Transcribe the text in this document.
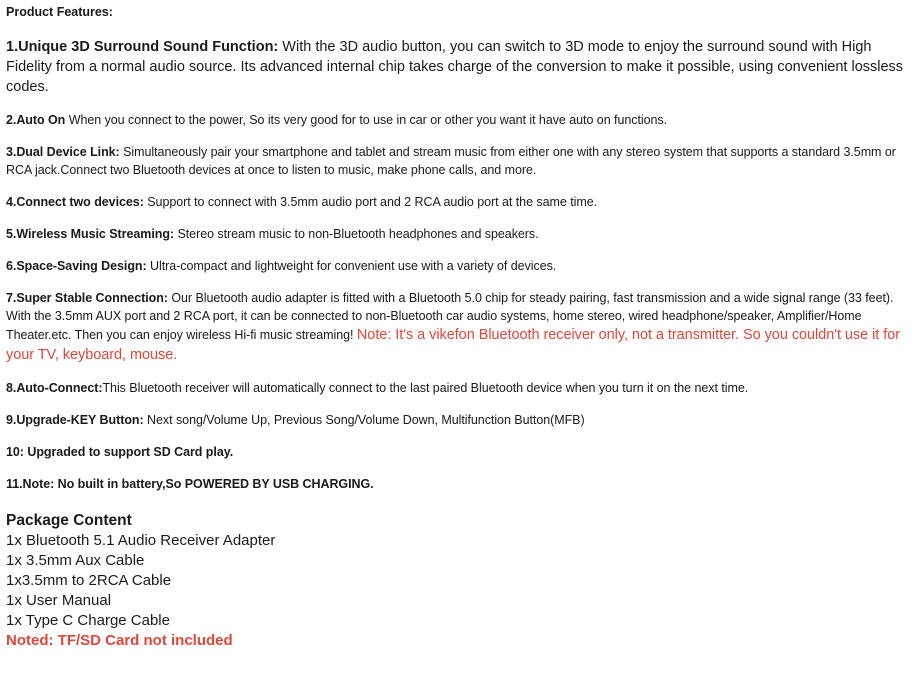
Product Features:

1.Unique 3D Surround Sound Function: With the 3D audio button, you can switch to 3D mode to enjoy the surround sound with High Fidelity from a normal audio source. Its advanced internal chip takes charge of the conversion to make it possible, using convenient lossless codes.

2.Auto On When you connect to the power, So its very good for to use in car or other you want it have auto on functions.

3.Dual Device Link: Simultaneously pair your smartphone and tablet and stream music from either one with any stereo system that supports a standard 3.5mm or RCA jack.Connect two Bluetooth devices at once to listen to music, make phone calls, and more.

4.Connect two devices: Support to connect with 3.5mm audio port and 2 RCA audio port at the same time.

5.Wireless Music Streaming: Stereo stream music to non-Bluetooth headphones and speakers.

6.Space-Saving Design: Ultra-compact and lightweight for convenient use with a variety of devices.

7.Super Stable Connection: Our Bluetooth audio adapter is fitted with a Bluetooth 5.0 chip for steady pairing, fast transmission and a wide signal range (33 feet). With the 3.5mm AUX port and 2 RCA port, it can be connected to non-Bluetooth car audio systems, home stereo, wired headphone/speaker, Amplifier/Home Theater.etc. Then you can enjoy wireless Hi-fi music streaming! Note: It's a vikefon Bluetooth receiver only, not a transmitter. So you couldn't use it for your TV, keyboard, mouse.

8.Auto-Connect:This Bluetooth receiver will automatically connect to the last paired Bluetooth device when you turn it on the next time.

9.Upgrade-KEY Button: Next song/Volume Up, Previous Song/Volume Down, Multifunction Button(MFB)

10: Upgraded to support SD Card play.

11.Note: No built in battery,So POWERED BY USB CHARGING.

Package Content

1x Bluetooth 5.1 Audio Receiver Adapter
1x 3.5mm Aux Cable
1x3.5mm to 2RCA Cable
1x User Manual
1x Type C Charge Cable

Noted: TF/SD Card not included
